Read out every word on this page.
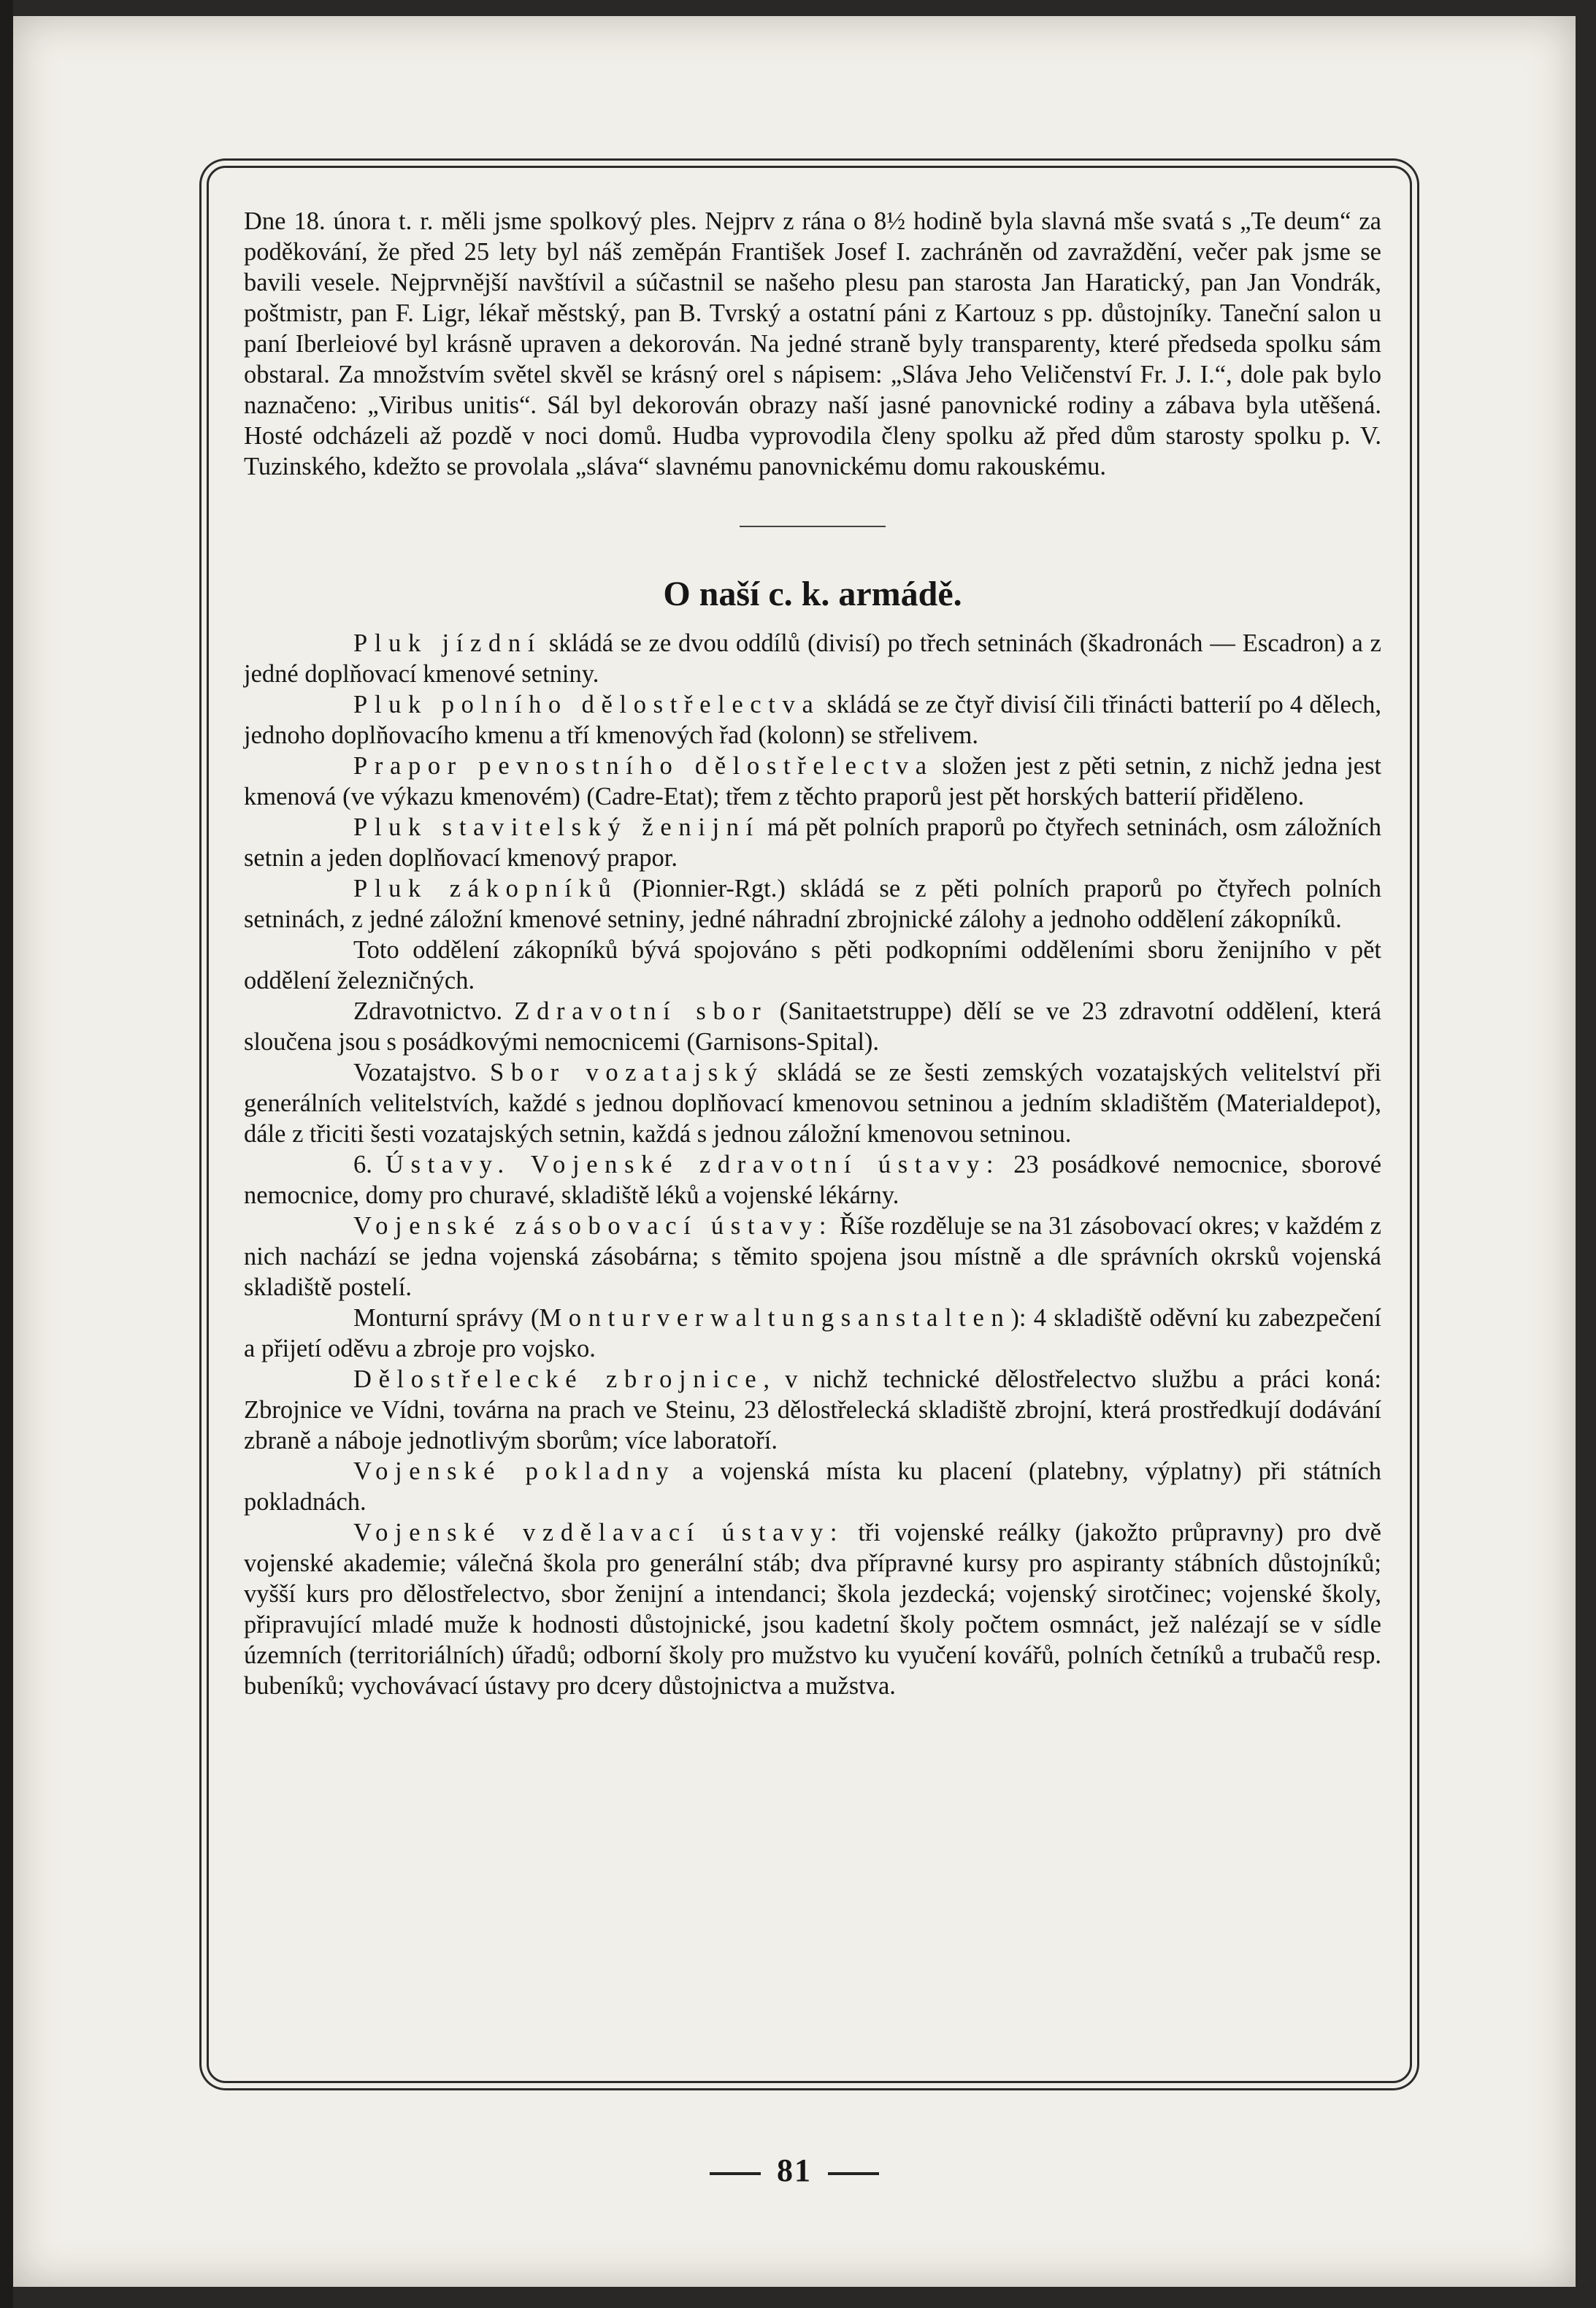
Dne 18. února t. r. měli jsme spolkový ples. Nejprv z rána o 8½ hodině byla slavná mše svatá s „Te deum“ za poděkování, že před 25 lety byl náš zeměpán František Josef I. zachráněn od zavraždění, večer pak jsme se bavili vesele. Nejprvnější navštívil a súčastnil se našeho plesu pan starosta Jan Haratický, pan Jan Vondrák, poštmistr, pan F. Ligr, lékař městský, pan B. Tvrský a ostatní páni z Kartouz s pp. důstojníky. Taneční salon u paní Iberleiové byl krásně upraven a dekorován. Na jedné straně byly transparenty, které předseda spolku sám obstaral. Za množstvím světel skvěl se krásný orel s nápisem: „Sláva Jeho Veličenství Fr. J. I.“, dole pak bylo naznačeno: „Viribus unitis“. Sál byl dekorován obrazy naší jasné panovnické rodiny a zábava byla utěšená. Hosté odcházeli až pozdě v noci domů. Hudba vyprovodila členy spolku až před dům starosty spolku p. V. Tuzinského, kdežto se provolala „sláva“ slavnému panovnickému domu rakouskému.

O naší c. k. armádě.

Pluk jízdní skládá se ze dvou oddílů (divisí) po třech setninách (škadronách — Escadron) a z jedné doplňovací kmenové setniny.

Pluk polního dělostřelectva skládá se ze čtyř divisí čili třinácti batterií po 4 dělech, jednoho doplňovacího kmenu a tří kmenových řad (kolonn) se střelivem.

Prapor pevnostního dělostřelectva složen jest z pěti setnin, z nichž jedna jest kmenová (ve výkazu kmenovém) (Cadre-Etat); třem z těchto praporů jest pět horských batterií přiděleno.

Pluk stavitelský ženijní má pět polních praporů po čtyřech setninách, osm záložních setnin a jeden doplňovací kmenový prapor.

Pluk zákopníků (Pionnier-Rgt.) skládá se z pěti polních praporů po čtyřech polních setninách, z jedné záložní kmenové setniny, jedné náhradní zbrojnické zálohy a jednoho oddělení zákopníků.

Toto oddělení zákopníků bývá spojováno s pěti podkopními odděleními sboru ženijního v pět oddělení železničných.

Zdravotnictvo. Zdravotní sbor (Sanitaetstruppe) dělí se ve 23 zdravotní oddělení, která sloučena jsou s posádkovými nemocnicemi (Garnisons-Spital).

Vozatajstvo. Sbor vozatajský skládá se ze šesti zemských vozatajských velitelství při generálních velitelstvích, každé s jednou doplňovací kmenovou setninou a jedním skladištěm (Materialdepot), dále z třiciti šesti vozatajských setnin, každá s jednou záložní kmenovou setninou.

6. Ústavy. Vojenské zdravotní ústavy: 23 posádkové nemocnice, sborové nemocnice, domy pro churavé, skladiště léků a vojenské lékárny.

Vojenské zásobovací ústavy: Říše rozděluje se na 31 zásobovací okres; v každém z nich nachází se jedna vojenská zásobárna; s těmito spojena jsou místně a dle správních okrsků vojenská skladiště postelí.

Monturní správy (Monturverwaltungsanstalten): 4 skladiště oděvní ku zabezpečení a přijetí oděvu a zbroje pro vojsko.

Dělostřelecké zbrojnice, v nichž technické dělostřelectvo službu a práci koná: Zbrojnice ve Vídni, továrna na prach ve Steinu, 23 dělostřelecká skladiště zbrojní, která prostředkují dodávání zbraně a náboje jednotlivým sborům; více laboratoří.

Vojenské pokladny a vojenská místa ku placení (platebny, výplatny) při státních pokladnách.

Vojenské vzdělavací ústavy: tři vojenské reálky (jakožto průpravny) pro dvě vojenské akademie; válečná škola pro generální stáb; dva přípravné kursy pro aspiranty stábních důstojníků; vyšší kurs pro dělostřelectvo, sbor ženijní a intendanci; škola jezdecká; vojenský sirotčinec; vojenské školy, připravující mladé muže k hodnosti důstojnické, jsou kadetní školy počtem osmnáct, jež nalézají se v sídle územních (territoriálních) úřadů; odborní školy pro mužstvo ku vyučení kovářů, polních četníků a trubačů resp. bubeníků; vychovávací ústavy pro dcery důstojnictva a mužstva.

81
